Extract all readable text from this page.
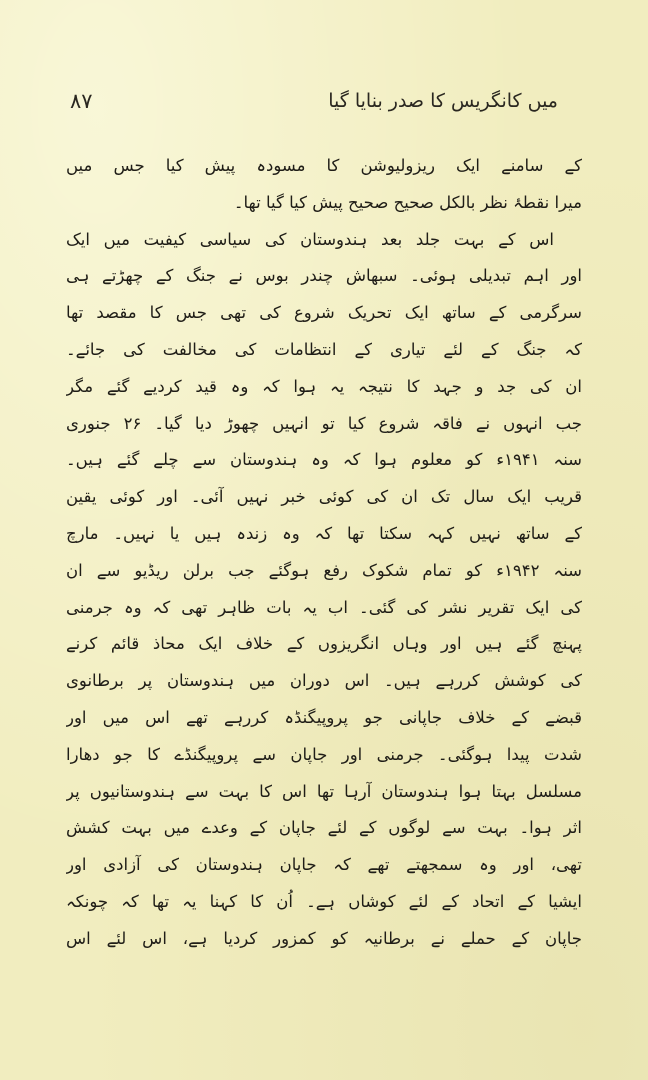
۸۷	میں کانگریس کا صدر بنایا گیا
کے سامنے ایک ریزولیوشن کا مسودہ پیش کیا جس میں
میرا نقطۂ نظر بالکل صحیح صحیح پیش کیا گیا تھا۔
اس کے بہت جلد بعد ہندوستان کی سیاسی کیفیت میں ایک
اور اہم تبدیلی ہوئی۔ سبھاش چندر بوس نے جنگ کے چھڑتے ہی
سرگرمی کے ساتھ ایک تحریک شروع کی تھی جس کا مقصد تھا
کہ جنگ کے لئے تیاری کے انتظامات کی مخالفت کی جائے۔
ان کی جد و جہد کا نتیجہ یہ ہوا کہ وہ قید کردیے گئے مگر
جب انہوں نے فاقہ شروع کیا تو انہیں چھوڑ دیا گیا۔ ۲۶ جنوری
سنہ ۱۹۴۱ء کو معلوم ہوا کہ وہ ہندوستان سے چلے گئے ہیں۔
قریب ایک سال تک ان کی کوئی خبر نہیں آئی۔ اور کوئی یقین
کے ساتھ نہیں کہہ سکتا تھا کہ وہ زندہ ہیں یا نہیں۔ مارچ
سنہ ۱۹۴۲ء کو تمام شکوک رفع ہوگئے جب برلن ریڈیو سے ان
کی ایک تقریر نشر کی گئی۔ اب یہ بات ظاہر تھی کہ وہ جرمنی
پہنچ گئے ہیں اور وہاں انگریزوں کے خلاف ایک محاذ قائم کرنے
کی کوشش کررہے ہیں۔ اس دوران میں ہندوستان پر برطانوی
قبضے کے خلاف جاپانی جو پروپیگنڈہ کررہے تھے اس میں اور
شدت پیدا ہوگئی۔ جرمنی اور جاپان سے پروپیگنڈے کا جو دھارا
مسلسل بہتا ہوا ہندوستان آرہا تھا اس کا بہت سے ہندوستانیوں پر
اثر ہوا۔ بہت سے لوگوں کے لئے جاپان کے وعدے میں بہت کشش
تھی، اور وہ سمجھتے تھے کہ جاپان ہندوستان کی آزادی اور
ایشیا کے اتحاد کے لئے کوشاں ہے۔ اُن کا کہنا یہ تھا کہ چونکہ
جاپان کے حملے نے برطانیہ کو کمزور کردیا ہے، اس لئے اس
